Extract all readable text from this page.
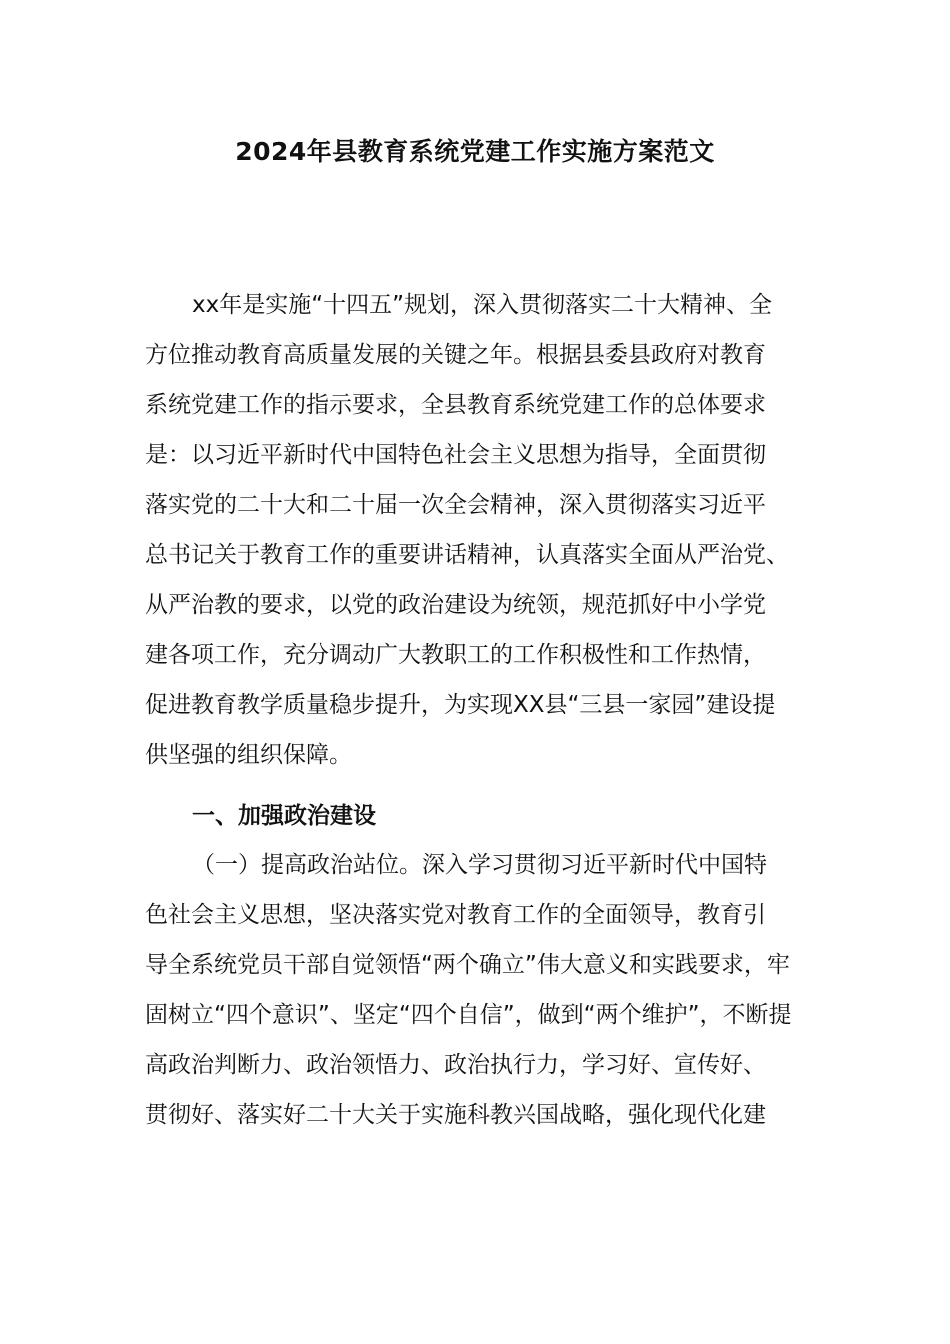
2024年县教育系统党建工作实施方案范文
xx年是实施“十四五”规划，深入贯彻落实二十大精神、全
方位推动教育高质量发展的关键之年。根据县委县政府对教育
系统党建工作的指示要求，全县教育系统党建工作的总体要求
是：以习近平新时代中国特色社会主义思想为指导，全面贯彻
落实党的二十大和二十届一次全会精神，深入贯彻落实习近平
总书记关于教育工作的重要讲话精神，认真落实全面从严治党、
从严治教的要求，以党的政治建设为统领，规范抓好中小学党
建各项工作，充分调动广大教职工的工作积极性和工作热情，
促进教育教学质量稳步提升，为实现XX县“三县一家园”建设提
供坚强的组织保障。
一、加强政治建设
（一）提高政治站位。深入学习贯彻习近平新时代中国特
色社会主义思想，坚决落实党对教育工作的全面领导，教育引
导全系统党员干部自觉领悟“两个确立”伟大意义和实践要求，牢
固树立“四个意识”、坚定“四个自信”，做到“两个维护”，不断提
高政治判断力、政治领悟力、政治执行力，学习好、宣传好、
贯彻好、落实好二十大关于实施科教兴国战略，强化现代化建
